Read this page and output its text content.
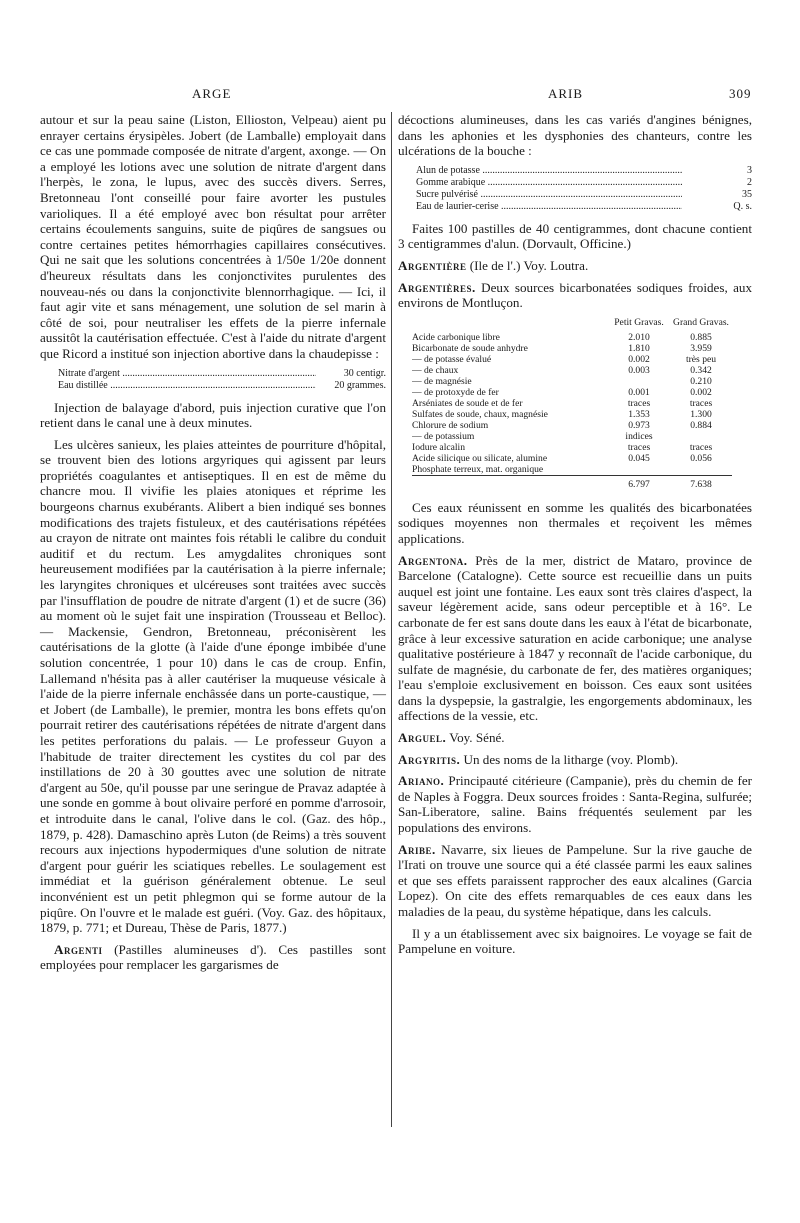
ARGE	ARIB	309

autour et sur la peau saine (Liston, Ellioston, Velpeau) aient pu enrayer certains érysipèles. Jobert (de Lamballe) employait dans ce cas une pommade composée de nitrate d'argent, axonge. — On a employé les lotions avec une solution de nitrate d'argent dans l'herpès, le zona, le lupus, avec des succès divers. Serres, Bretonneau l'ont conseillé pour faire avorter les pustules varioliques. Il a été employé avec bon résultat pour arrêter certains écoulements sanguins, suite de piqûres de sangsues ou contre certaines petites hémorrhagies capillaires consécutives. Qui ne sait que les solutions concentrées à 1/50e 1/20e donnent d'heureux résultats dans les conjonctivites purulentes des nouveau-nés ou dans la conjonctivite blennorrhagique. — Ici, il faut agir vite et sans ménagement, une solution de sel marin à côté de soi, pour neutraliser les effets de la pierre infernale aussitôt la cautérisation effectuée. C'est à l'aide du nitrate d'argent que Ricord a institué son injection abortive dans la chaudepisse :

Nitrate d'argent .....	30 centigr.
Eau distillée .....	20 grammes.

Injection de balayage d'abord, puis injection curative que l'on retient dans le canal une à deux minutes.

Les ulcères sanieux, les plaies atteintes de pourriture d'hôpital, se trouvent bien des lotions argyriques qui agissent par leurs propriétés coagulantes et antiseptiques. Il en est de même du chancre mou. Il vivifie les plaies atoniques et réprime les bourgeons charnus exubérants. Alibert a bien indiqué ses bonnes modifications des trajets fistuleux, et des cautérisations répétées au crayon de nitrate ont maintes fois rétabli le calibre du conduit auditif et du rectum. Les amygdalites chroniques sont heureusement modifiées par la cautérisation à la pierre infernale; les laryngites chroniques et ulcéreuses sont traitées avec succès par l'insufflation de poudre de nitrate d'argent (1) et de sucre (36) au moment où le sujet fait une inspiration (Trousseau et Belloc). — Mackensie, Gendron, Bretonneau, préconisèrent les cautérisations de la glotte (à l'aide d'une éponge imbibée d'une solution concentrée, 1 pour 10) dans le cas de croup. Enfin, Lallemand n'hésita pas à aller cautériser la muqueuse vésicale à l'aide de la pierre infernale enchâssée dans un porte-caustique, — et Jobert (de Lamballe), le premier, montra les bons effets qu'on pourrait retirer des cautérisations répétées de nitrate d'argent dans les petites perforations du palais. — Le professeur Guyon a l'habitude de traiter directement les cystites du col par des instillations de 20 à 30 gouttes avec une solution de nitrate d'argent au 50e, qu'il pousse par une seringue de Pravaz adaptée à une sonde en gomme à bout olivaire perforé en pomme d'arrosoir, et introduite dans le canal, l'olive dans le col. (Gaz. des hôp., 1879, p. 428). Damaschino après Luton (de Reims) a très souvent recours aux injections hypodermiques d'une solution de nitrate d'argent pour guérir les sciatiques rebelles. Le soulagement est immédiat et la guérison généralement obtenue. Le seul inconvénient est un petit phlegmon qui se forme autour de la piqûre. On l'ouvre et le malade est guéri. (Voy. Gaz. des hôpitaux, 1879, p. 771; et Dureau, Thèse de Paris, 1877.)

Argenti (Pastilles alumineuses d'). Ces pastilles sont employées pour remplacer les gargarismes de

décoctions alumineuses, dans les cas variés d'angines bénignes, dans les aphonies et les dysphonies des chanteurs, contre les ulcérations de la bouche :

Alun de potasse .....	3
Gomme arabique .....	2
Sucre pulvérisé .....	35
Eau de laurier-cerise .....	Q. s.

Faites 100 pastilles de 40 centigrammes, dont chacune contient 3 centigrammes d'alun. (Dorvault, Officine.)

Argentière (Ile de l'.) Voy. Loutra.

Argentières. Deux sources bicarbonatées sodiques froides, aux environs de Montluçon.

	Petit Gravas.	Grand Gravas.
Acide carbonique libre	2.010	0.885
Bicarbonate de soude anhydre	1.810	3.959
— de potasse évalué	0.002	très peu
— de chaux	0.003	0.342
— de magnésie		0.210
— de protoxyde de fer	0.001	0.002
Arséniates de soude et de fer	traces	traces
Sulfates de soude, chaux, magnésie	1.353	1.300
Chlorure de sodium	0.973	0.884
— de potassium	indices	
Iodure alcalin	traces	traces
Acide silicique ou silicate, alumine	0.045	0.056
Phosphate terreux, mat. organique		
	6.797	7.638

Ces eaux réunissent en somme les qualités des bicarbonatées sodiques moyennes non thermales et reçoivent les mêmes applications.

Argentona. Près de la mer, district de Mataro, province de Barcelone (Catalogne). Cette source est recueillie dans un puits auquel est joint une fontaine. Les eaux sont très claires d'aspect, la saveur légèrement acide, sans odeur perceptible et à 16°. Le carbonate de fer est sans doute dans les eaux à l'état de bicarbonate, grâce à leur excessive saturation en acide carbonique; une analyse qualitative postérieure à 1847 y reconnaît de l'acide carbonique, du sulfate de magnésie, du carbonate de fer, des matières organiques; l'eau s'emploie exclusivement en boisson. Ces eaux sont usitées dans la dyspepsie, la gastralgie, les engorgements abdominaux, les affections de la vessie, etc.

Arguel. Voy. Séné.

Argyritis. Un des noms de la litharge (voy. Plomb).

Ariano. Principauté citérieure (Campanie), près du chemin de fer de Naples à Foggra. Deux sources froides : Santa-Regina, sulfurée; San-Liberatore, saline. Bains fréquentés seulement par les populations des environs.

Aribe. Navarre, six lieues de Pampelune. Sur la rive gauche de l'Irati on trouve une source qui a été classée parmi les eaux salines et que ses effets paraissent rapprocher des eaux alcalines (Garcia Lopez). On cite des effets remarquables de ces eaux dans les maladies de la peau, du système hépatique, dans les calculs.

Il y a un établissement avec six baignoires. Le voyage se fait de Pampelune en voiture.
